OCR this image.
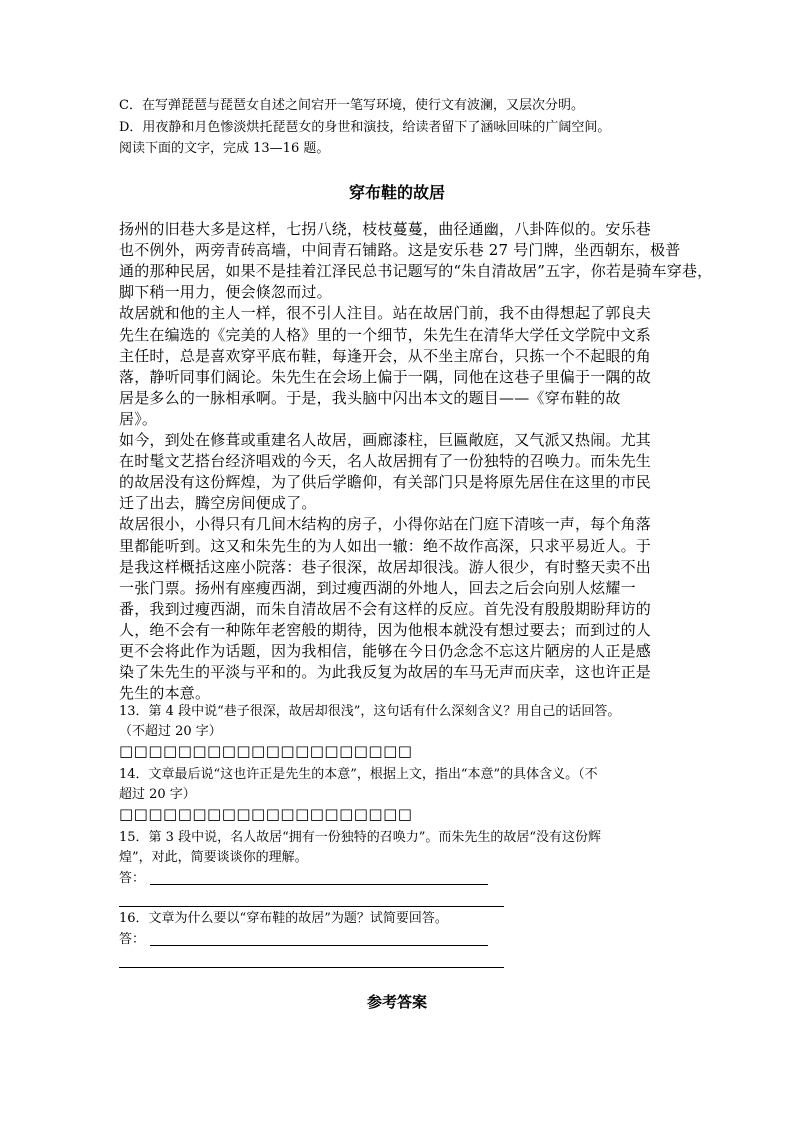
C．在写弹琵琶与琵琶女自述之间宕开一笔写环境，使行文有波澜，又层次分明。
D．用夜静和月色惨淡烘托琵琶女的身世和演技，给读者留下了涵咏回味的广阔空间。
阅读下面的文字，完成 13—16 题。
穿布鞋的故居
扬州的旧巷大多是这样，七拐八绕，枝枝蔓蔓，曲径通幽，八卦阵似的。安乐巷
也不例外，两旁青砖高墙，中间青石铺路。这是安乐巷 27 号门牌，坐西朝东，极普
通的那种民居，如果不是挂着江泽民总书记题写的“朱自清故居”五字，你若是骑车穿巷，
脚下稍一用力，便会倏忽而过。
故居就和他的主人一样，很不引人注目。站在故居门前，我不由得想起了郭良夫
先生在编选的《完美的人格》里的一个细节，朱先生在清华大学任文学院中文系
主任时，总是喜欢穿平底布鞋，每逢开会，从不坐主席台，只拣一个不起眼的角
落，静听同事们阔论。朱先生在会场上偏于一隅，同他在这巷子里偏于一隅的故
居是多么的一脉相承啊。于是，我头脑中闪出本文的题目——《穿布鞋的故
居》。
如今，到处在修葺或重建名人故居，画廊漆柱，巨匾敞庭，又气派又热闹。尤其
在时髦文艺搭台经济唱戏的今天，名人故居拥有了一份独特的召唤力。而朱先生
的故居没有这份辉煌，为了供后学瞻仰，有关部门只是将原先居住在这里的市民
迁了出去，腾空房间便成了。
故居很小，小得只有几间木结构的房子，小得你站在门庭下清咳一声，每个角落
里都能听到。这又和朱先生的为人如出一辙：绝不故作高深，只求平易近人。于
是我这样概括这座小院落：巷子很深，故居却很浅。游人很少，有时整天卖不出
一张门票。扬州有座瘦西湖，到过瘦西湖的外地人，回去之后会向别人炫耀一
番，我到过瘦西湖，而朱自清故居不会有这样的反应。首先没有殷殷期盼拜访的
人，绝不会有一种陈年老窖般的期待，因为他根本就没有想过要去；而到过的人
更不会将此作为话题，因为我相信，能够在今日仍念念不忘这片陋房的人正是感
染了朱先生的平淡与平和的。为此我反复为故居的车马无声而庆幸，这也许正是
先生的本意。
13．第 4 段中说“巷子很深，故居却很浅”，这句话有什么深刻含义？用自己的话回答。
（不超过 20 字）
□□□□□□□□□□□□□□□□□□□□
14．文章最后说“这也许正是先生的本意”，根据上文，指出“本意”的具体含义。（不
超过 20 字）
□□□□□□□□□□□□□□□□□□□□
15．第 3 段中说，名人故居“拥有一份独特的召唤力”。而朱先生的故居“没有这份辉
煌”，对此，简要谈谈你的理解。
答：
16．文章为什么要以“穿布鞋的故居”为题？试简要回答。
答：
参考答案
